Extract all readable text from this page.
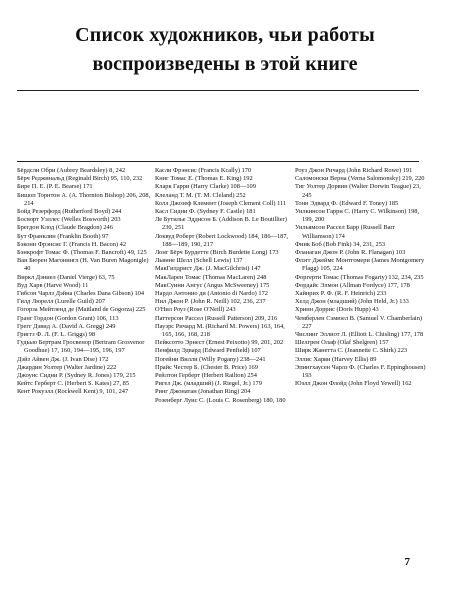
Список художников, чьи работы
воспроизведены в этой книге
Бёрдсли Обри (Aubrey Beardsley) 8, 242
Бёрч Реджинальд (Reginald Birch) 95, 110, 232
Бире П. Е. (P. E. Bearse) 171
Бишоп Торнтон А. (A. Thornton Bishop) 206, 208, 214
Бойд Резерфорд (Rutherford Boyd) 244
Босворт Уэллес (Welles Bosworth) 203
Брегдон Клод (Claude Bragdon) 246
Бут Франклин (Franklin Booth) 97
Бэконн Фрэнсис Г. (Francis H. Bacon) 42
Бэнкрофт Томас Ф. (Thomas F. Bancroft) 49, 125
Ван Бюрен Магонингл (H. Van Buren Magonigle) 40
Виркл Дэниел (Daniel Vierge) 63, 75
Вуд Харв (Harve Wood) 11
Гибсон Чарлз Дэйна (Charles Dana Gibson) 104
Гилд Люрелл (Lurelle Guild) 207
Гогорза Мейтленд де (Maitland de Gogorza) 225
Гранг Гордон (Gordon Grant) 106, 113
Грегг Дэвид А. (David A. Gregg) 249
Григгз Ф. Л. (F. L. Griggs) 98
Гудьью Бертрам Гросвенор (Bertram Grosvenor Goodhue) 17, 160, 194—195, 196, 197
Дэйз Айвен Дж. (J. Ivan Dise) 172
Джардин Уолтер (Walter Jardine) 222
Джоунс Сидни Р. (Sydney R. Jones) 179, 215
Кейтс Герберт С. (Herbert S. Kates) 27, 85
Кент Рокуэлл (Rockwell Kent) 9, 101, 247
Касли Фрэнсис (Francis Kcally) 170
Книг Томас Е. (Thomas E. King) 192
Кларк Гарри (Harry Clarke) 108—109
Клеланд Т. М. (T. M. Cleland) 252
Колл Джозеф Клемент (Joseph Clement Coll) 111
Касл Сидни Ф. (Sydney F. Castle) 181
Ле Бутилье Эддисон Б. (Addison B. Le Boutillier) 230, 251
Локвуд Роберт (Robert Lockwood) 184, 186—187, 188—189, 190, 217
Лонг Бёрч Бурдетте (Birch Burdette Long) 173
Львине Шелл (Schell Lewis) 137
МакГилдрист Дж. (J. MacGilchrist) 147
МакЛарен Томас (Thomas MacLaren) 248
МакСуини Ангус (Angus McSweeney) 175
Нардо Антонио ди (Antonio di Nardo) 172
Нил Джон Р. (John R. Neill) 102, 236, 237
О'Нил Роуз (Rose O'Neill) 243
Паттерсон Рассел (Russell Patterson) 209, 216
Пауэрс Ричард М. (Richard M. Powers) 163, 164, 165, 166, 168, 218
Пейксотто Эрнест (Ernest Peixotto) 99, 201, 202
Пенфилд Эдвард (Edward Penfield) 107
Погейни Вилли (Willy Pogany) 238—241
Прайс Честер Б. (Chester B. Price) 169
Рейлтон Герберт (Herbert Railton) 254
Ригел Дж. (младший) (J. Riegel, Jr.) 179
Ринг Джонатан (Jonathan Ring) 204
Розенберг Луис С. (Louis C. Rosenberg) 180, 180
Роуз Джон Ричард (John Richard Rowe) 191
Саломонски Верна (Verna Salomonsky) 219, 220
Тиг Уолтер Дорвин (Walter Dorwin Teague) 23, 245
Тонн Эдвард Ф. (Edward F. Toney) 185
Уилкинсон Гарри С. (Harry C. Wilkinson) 198, 199, 200
Уильямсон Рассел Барр (Russell Barr Williamson) 174
Финк Боб (Bob Fink) 34, 231, 253
Фланаган Джон Р. (John R. Flanagan) 103
Флэгг Джеймс Монтгомери (James Montgomery Flagg) 105, 224
Форгерти Томас (Thomas Fogarty) 132, 234, 235
Фордайс Элмон (Allman Fordyce) 177, 178
Хайнрих Р. Ф. (R. F. Heinrich) 233
Хелд Джон (младший) (John Held, Jr.) 133
Хринн Доррис (Doris Hupp) 43
Чемберлен Сэмюел В. (Samuel V. Chamberlain) 227
Числинг Эллиот Л. (Elliott L. Chisling) 177, 178
Шелгрен Олаф (Olaf Shelgren) 157
Ширк Жанетта С. (Jeannette C. Shirk) 223
Эллис Харви (Harvey Ellis) 89
Эпингхаусен Чарлз Ф. (Charles F. Eppinghousen) 193
Юэлл Джон Флойд (John Floyd Yewell) 162
7
